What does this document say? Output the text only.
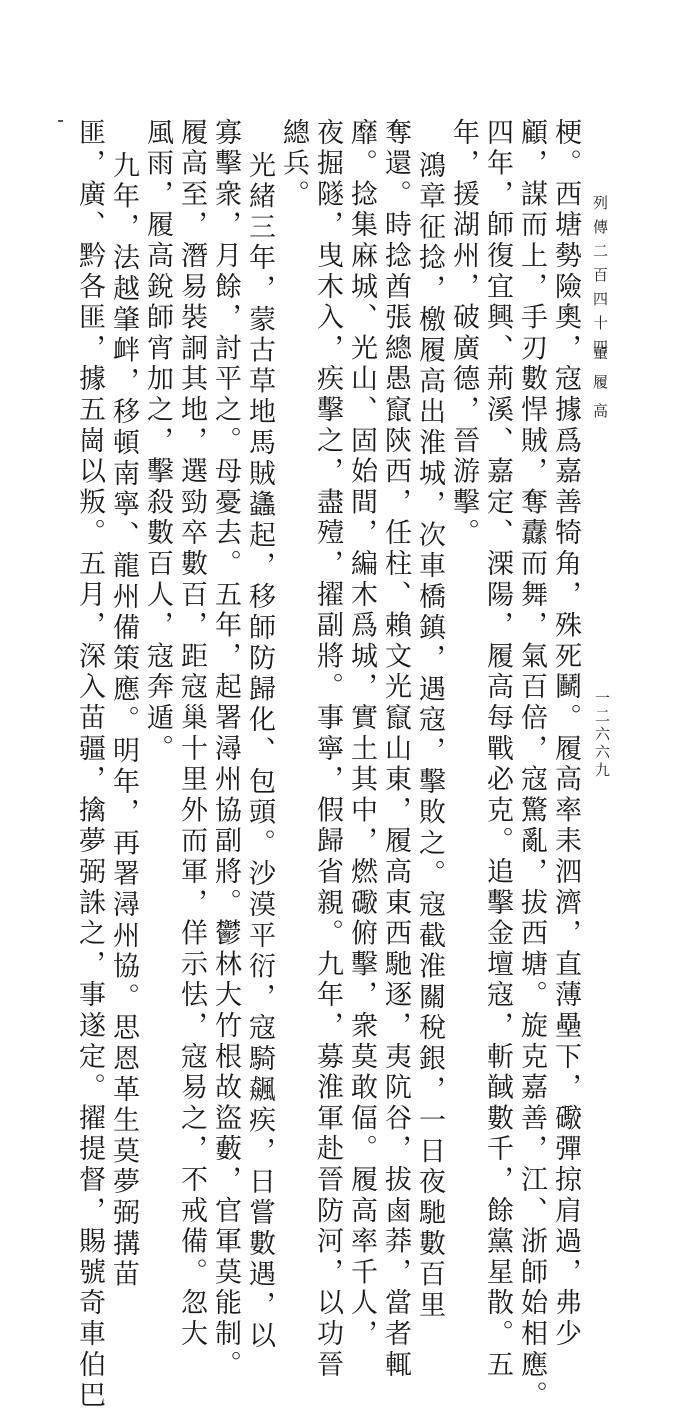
列傳二百四十四
董履高
一二六六九
梗。西塘勢險奧，寇據爲嘉善犄角，殊死鬭。履高率耒泗濟，直薄壘下，礮彈掠肩過，弗少
顧，謀而上，手刃數悍賊，奪纛而舞，氣百倍，寇驚亂，拔西塘。旋克嘉善，江、浙師始相應。
四年，師復宜興、荊溪、嘉定、溧陽，履高每戰必克。追擊金壇寇，斬馘數千，餘黨星散。五
年，援湖州，破廣德，晉游擊。
鴻章征捻，檄履高出淮城，次車橋鎮，遇寇，擊敗之。寇截淮關稅銀，一日夜馳數百里
奪還。時捻酋張總愚竄陝西，任柱、賴文光竄山東，履高東西馳逐，夷阬谷，拔鹵莽，當者輒
靡。捻集麻城、光山、固始間，編木爲城，實土其中，燃礮俯擊，衆莫敢偪。履高率千人，
夜掘隧，曳木入，疾擊之，盡殪，擢副將。事寧，假歸省親。九年，募淮軍赴晉防河，以功晉
總兵。
光緒三年，蒙古草地馬賊蠭起，移師防歸化、包頭。沙漠平衍，寇騎飆疾，日嘗數遇，以
寡擊衆，月餘，討平之。母憂去。五年，起署潯州協副將。鬱林大竹根故盜藪，官軍莫能制。
履高至，潛易裝詗其地，選勁卒數百，距寇巢十里外而軍，佯示怯，寇易之，不戒備。忽大
風雨，履高銳師宵加之，擊殺數百人，寇奔遁。
九年，法越肇衅，移頓南寧、龍州備策應。明年，再署潯州協。思恩革生莫夢弼搆苗
匪，廣、黔各匪，據五崗以叛。五月，深入苗疆，擒夢弼誅之，事遂定。擢提督，賜號奇車伯巴
